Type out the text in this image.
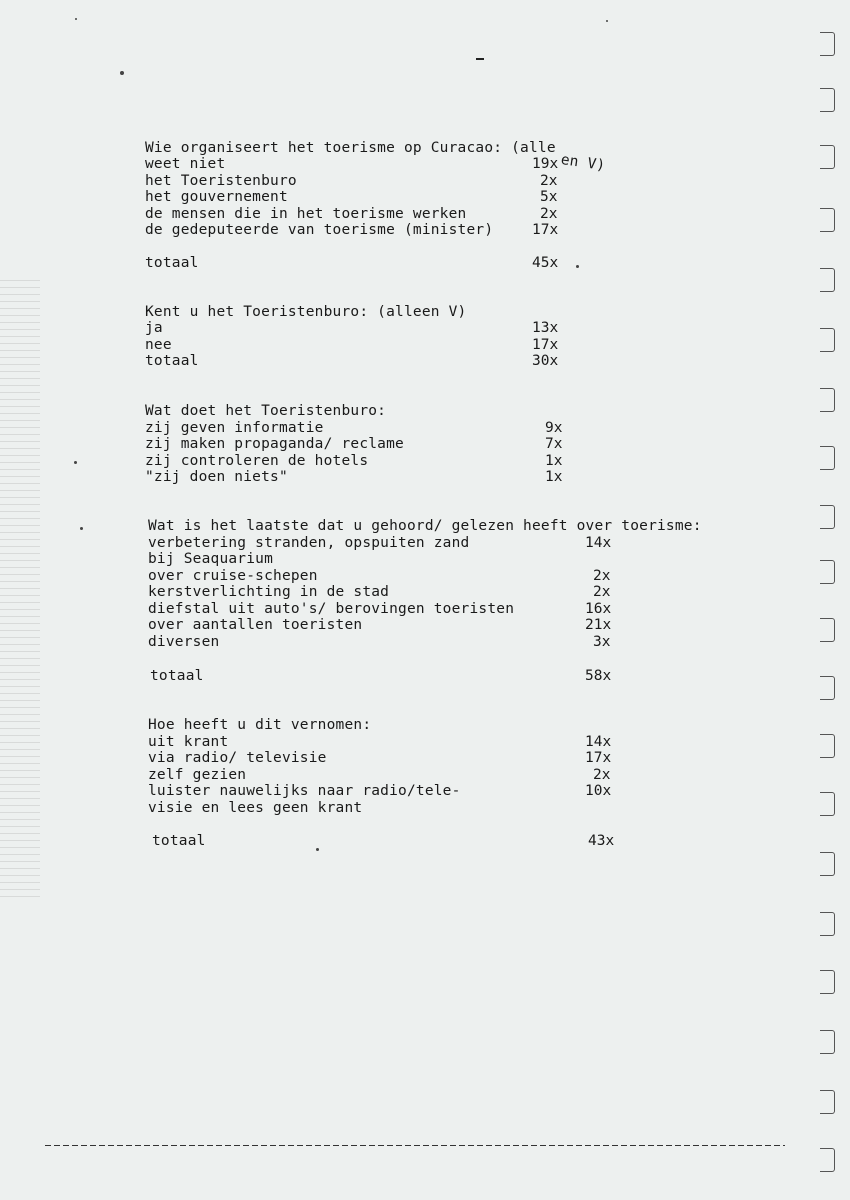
Wie organiseert het toerisme op Curacao: (alle
en V)
weet niet	19x
het Toeristenburo	2x
het gouvernement	5x
de mensen die in het toerisme werken	2x
de gedeputeerde van toerisme (minister)	17x
totaal	45x
Kent u het Toeristenburo: (alleen V)
ja	13x
nee	17x
totaal	30x
Wat doet het Toeristenburo:
zij geven informatie	9x
zij maken propaganda/ reclame	7x
zij controleren de hotels	1x
"zij doen niets"	1x
Wat is het laatste dat u gehoord/ gelezen heeft over toerisme:
verbetering stranden, opspuiten zand	14x
bij Seaquarium
over cruise-schepen	2x
kerstverlichting in de stad	2x
diefstal uit auto's/ berovingen toeristen	16x
over aantallen toeristen	21x
diversen	3x
totaal	58x
Hoe heeft u dit vernomen:
uit krant	14x
via radio/ televisie	17x
zelf gezien	2x
luister nauwelijks naar radio/tele-	10x
visie en lees geen krant
totaal	43x
